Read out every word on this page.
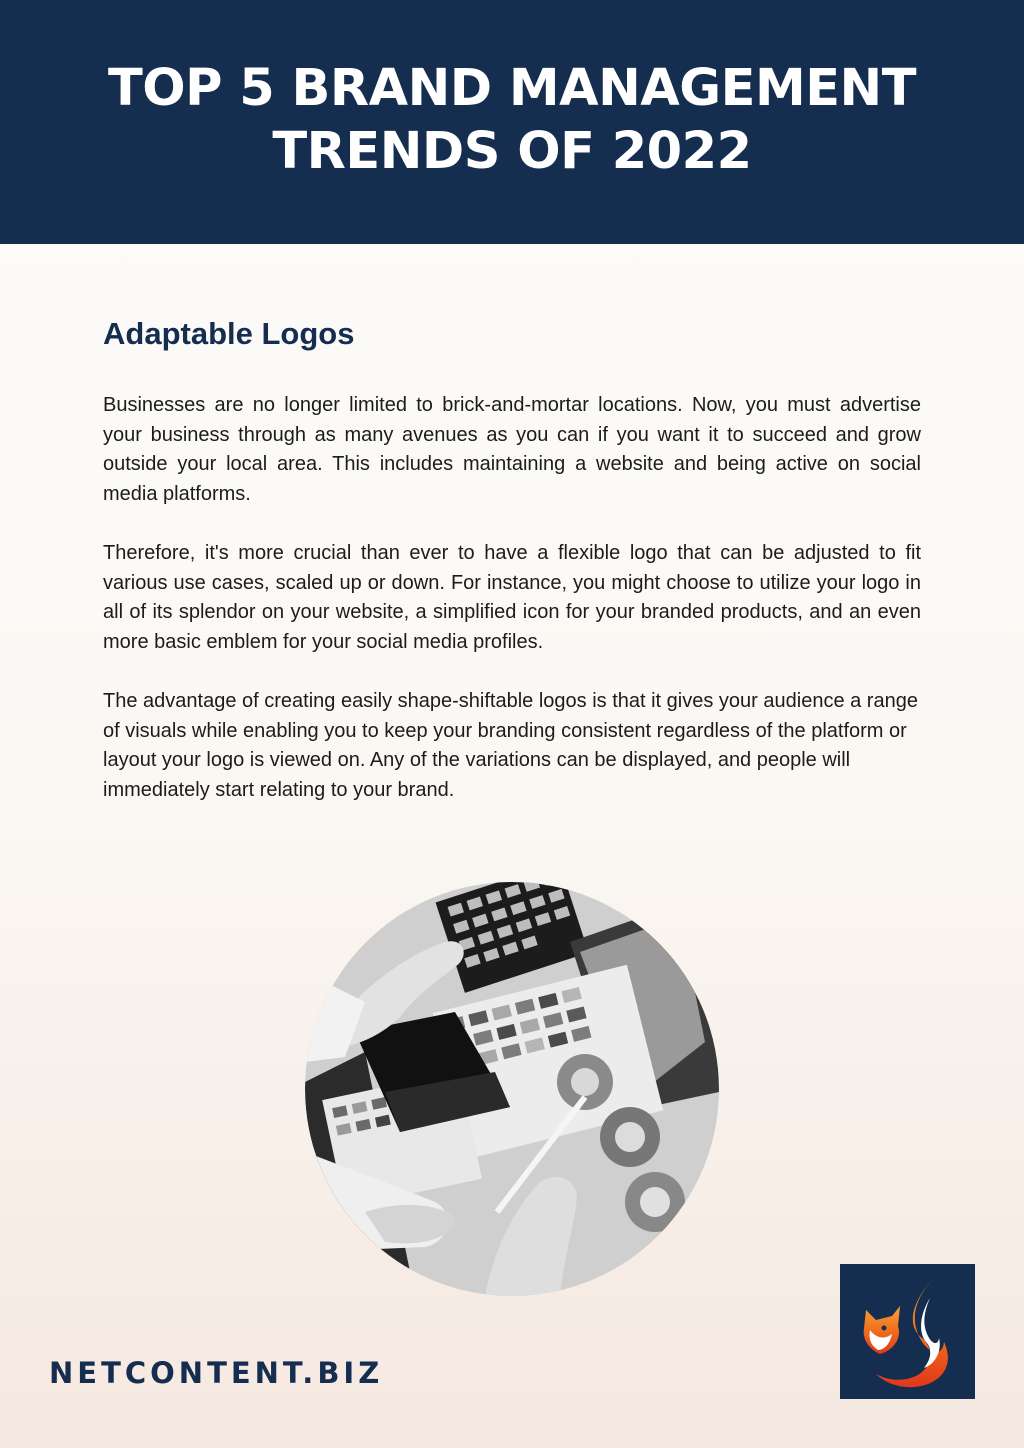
TOP 5 BRAND MANAGEMENT
TRENDS OF 2022
Adaptable Logos

Businesses are no longer limited to brick-and-mortar locations. Now, you must advertise your business through as many avenues as you can if you want it to succeed and grow outside your local area. This includes maintaining a website and being active on social media platforms.

Therefore, it's more crucial than ever to have a flexible logo that can be adjusted to fit various use cases, scaled up or down. For instance, you might choose to utilize your logo in all of its splendor on your website, a simplified icon for your branded products, and an even more basic emblem for your social media profiles.

The advantage of creating easily shape-shiftable logos is that it gives your audience a range of visuals while enabling you to keep your branding consistent regardless of the platform or layout your logo is viewed on. Any of the variations can be displayed, and people will immediately start relating to your brand.

NETCONTENT.BIZ
